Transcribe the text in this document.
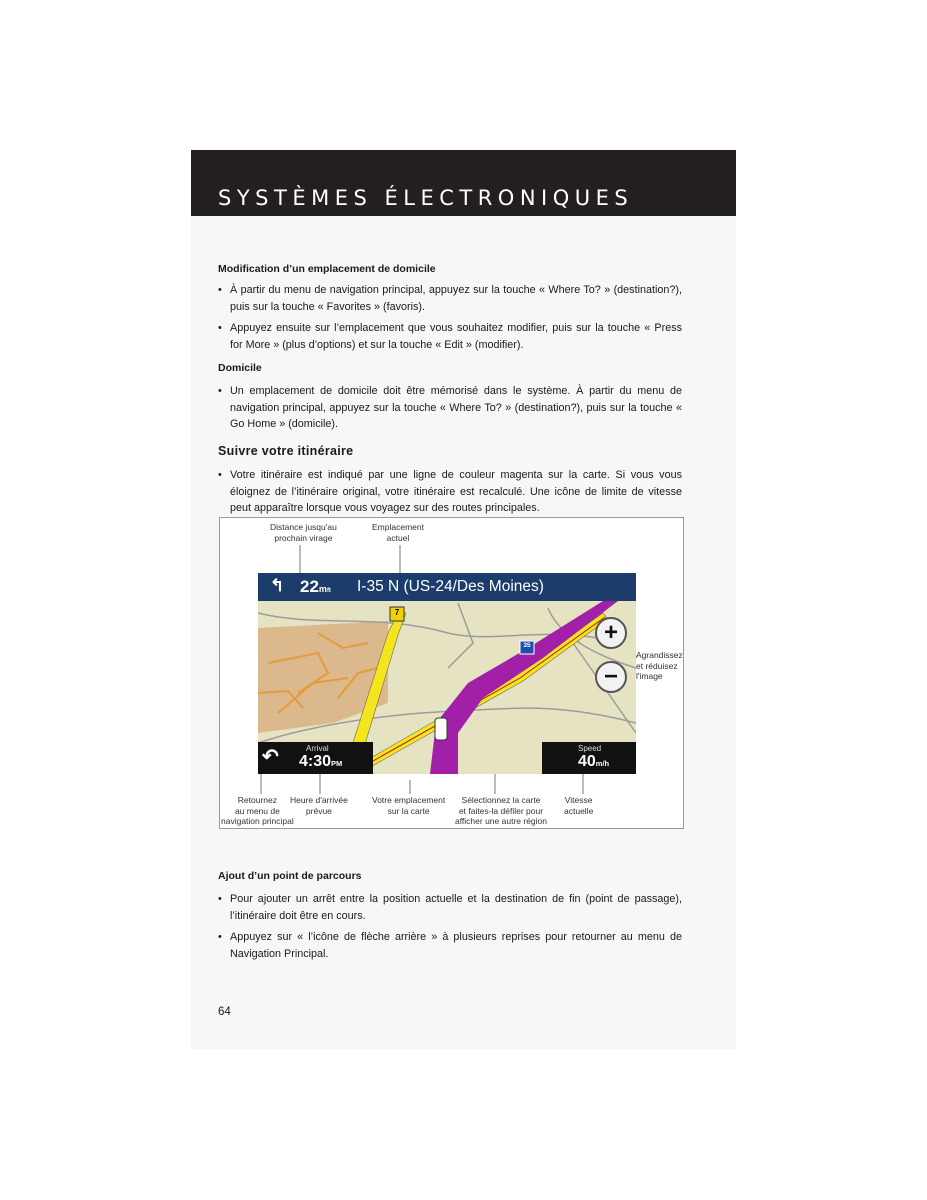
SYSTÈMES ÉLECTRONIQUES
Modification d’un emplacement de domicile
• À partir du menu de navigation principal, appuyez sur la touche « Where To? » (destination?), puis sur la touche « Favorites » (favoris).
• Appuyez ensuite sur l’emplacement que vous souhaitez modifier, puis sur la touche « Press for More » (plus d’options) et sur la touche « Edit » (modifier).
Domicile
• Un emplacement de domicile doit être mémorisé dans le système. À partir du menu de navigation principal, appuyez sur la touche « Where To? » (destination?), puis sur la touche « Go Home » (domicile).
Suivre votre itinéraire
• Votre itinéraire est indiqué par une ligne de couleur magenta sur la carte. Si vous vous éloignez de l’itinéraire original, votre itinéraire est recalculé. Une icône de limite de vitesse peut apparaître lorsque vous voyagez sur des routes principales.
Distance jusqu'au
prochain virage
Emplacement
actuel
Agrandissez
et réduisez
l'image
Retournez
au menu de
navigation principal
Heure d'arrivée
prévue
Votre emplacement
sur la carte
Sélectionnez la carte
et faites-la défiler pour
afficher une autre région
Vitesse
actuelle
35
7
↰ 22mft I-35 N (US-24/Des Moines)
+
−
↶	Arrival
4:30PM
Speed
40m/h
Ajout d’un point de parcours
• Pour ajouter un arrêt entre la position actuelle et la destination de fin (point de passage), l’itinéraire doit être en cours.
• Appuyez sur « l’icône de flèche arrière » à plusieurs reprises pour retourner au menu de Navigation Principal.
64
